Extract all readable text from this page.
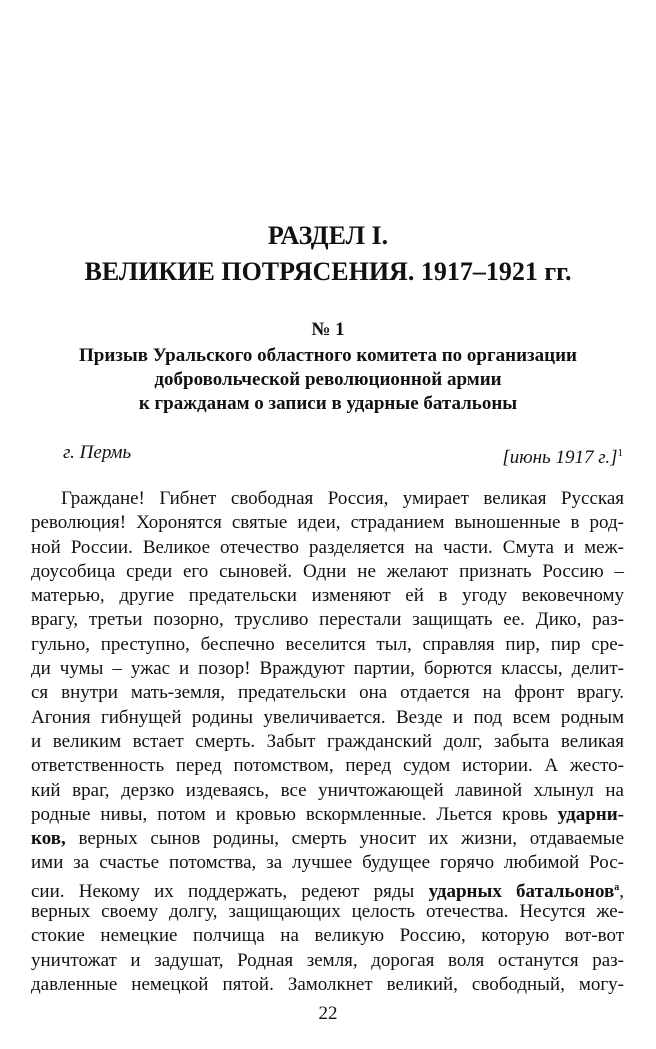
РАЗДЕЛ I.
ВЕЛИКИЕ ПОТРЯСЕНИЯ. 1917–1921 гг.
№ 1
Призыв Уральского областного комитета по организации
добровольческой революционной армии
к гражданам о записи в ударные батальоны
г. Пермь	[июнь 1917 г.]$^1$
Граждане! Гибнет свободная Россия, умирает великая Русская
революция! Хоронятся святые идеи, страданием выношенные в род-
ной России. Великое отечество разделяется на части. Смута и меж-
доусобица среди его сыновей. Одни не желают признать Россию –
матерью, другие предательски изменяют ей в угоду вековечному
врагу, третьи позорно, трусливо перестали защищать ее. Дико, раз-
гульно, преступно, беспечно веселится тыл, справляя пир, пир сре-
ди чумы – ужас и позор! Враждуют партии, борются классы, делит-
ся внутри мать-земля, предательски она отдается на фронт врагу.
Агония гибнущей родины увеличивается. Везде и под всем родным
и великим встает смерть. Забыт гражданский долг, забыта великая
ответственность перед потомством, перед судом истории. А жесто-
кий враг, дерзко издеваясь, все уничтожающей лавиной хлынул на
родные нивы, потом и кровью вскормленные. Льется кровь ударни-
ков, верных сынов родины, смерть уносит их жизни, отдаваемые
ими за счастье потомства, за лучшее будущее горячо любимой Рос-
сии. Некому их поддержать, редеют ряды ударных батальонов$^а$,
верных своему долгу, защищающих целость отечества. Несутся же-
стокие немецкие полчища на великую Россию, которую вот-вот
уничтожат и задушат, Родная земля, дорогая воля останутся раз-
давленные немецкой пятой. Замолкнет великий, свободный, могу-
22
